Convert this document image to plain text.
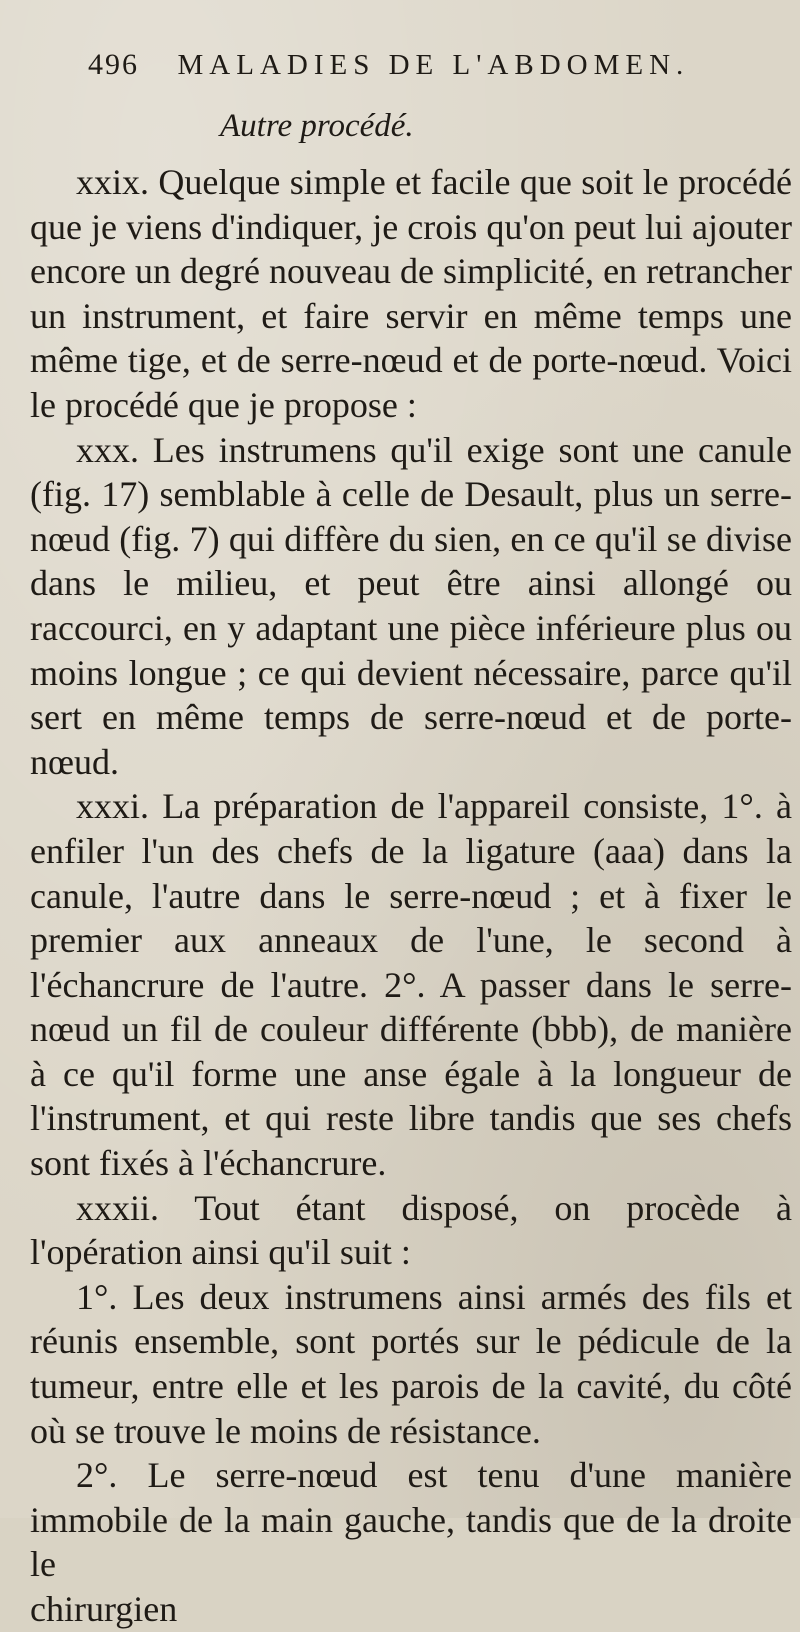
496 MALADIES DE L'ABDOMEN.
Autre procédé.

xxix. Quelque simple et facile que soit le procédé que je viens d'indiquer, je crois qu'on peut lui ajouter encore un degré nouveau de simplicité, en retrancher un instrument, et faire servir en même temps une même tige, et de serre-nœud et de porte-nœud. Voici le procédé que je propose :

xxx. Les instrumens qu'il exige sont une canule (fig. 17) semblable à celle de Desault, plus un serre-nœud (fig. 7) qui diffère du sien, en ce qu'il se divise dans le milieu, et peut être ainsi allongé ou raccourci, en y adaptant une pièce inférieure plus ou moins longue ; ce qui devient nécessaire, parce qu'il sert en même temps de serre-nœud et de porte-nœud.

xxxi. La préparation de l'appareil consiste, 1°. à enfiler l'un des chefs de la ligature (aaa) dans la canule, l'autre dans le serre-nœud ; et à fixer le premier aux anneaux de l'une, le second à l'échancrure de l'autre. 2°. A passer dans le serre-nœud un fil de couleur différente (bbb), de manière à ce qu'il forme une anse égale à la longueur de l'instrument, et qui reste libre tandis que ses chefs sont fixés à l'échancrure.

xxxii. Tout étant disposé, on procède à l'opération ainsi qu'il suit :

1°. Les deux instrumens ainsi armés des fils et réunis ensemble, sont portés sur le pédicule de la tumeur, entre elle et les parois de la cavité, du côté où se trouve le moins de résistance.

2°. Le serre-nœud est tenu d'une manière immobile de la main gauche, tandis que de la droite le

chirurgien
